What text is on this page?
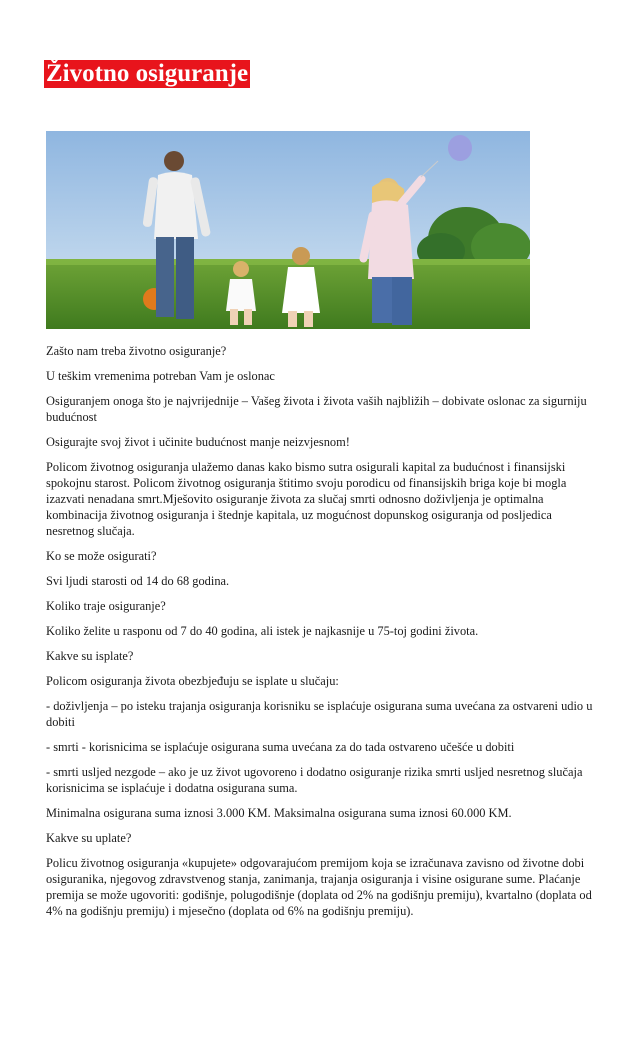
Životno osiguranje

Zašto nam treba životno osiguranje?

U teškim vremenima potreban Vam je oslonac

Osiguranjem onoga što je najvrijednije – Vašeg života i života vaših najbližih – dobivate oslonac za sigurniju budućnost

Osigurajte svoj život i učinite budućnost manje neizvjesnom!

Policom životnog osiguranja ulažemo danas kako bismo sutra osigurali kapital za budućnost i finansijski spokojnu starost. Policom životnog osiguranja štitimo svoju porodicu od finansijskih briga koje bi mogla izazvati nenadana smrt.Mješovito osiguranje života za slučaj smrti odnosno doživljenja je optimalna kombinacija životnog osiguranja i štednje kapitala, uz mogućnost dopunskog osiguranja od posljedica nesretnog slučaja.

Ko se može osigurati?

Svi ljudi starosti od 14 do 68 godina.

Koliko traje osiguranje?

Koliko želite u rasponu od 7 do 40 godina, ali istek je najkasnije u 75-toj godini života.

Kakve su isplate?

Policom osiguranja života obezbjeđuju se isplate u slučaju:

- doživljenja – po isteku trajanja osiguranja korisniku se isplaćuje osigurana suma uvećana za ostvareni udio u dobiti

- smrti - korisnicima se isplaćuje osigurana suma uvećana za do tada ostvareno učešće u dobiti

- smrti usljed nezgode – ako je uz život ugovoreno i dodatno osiguranje rizika smrti usljed nesretnog slučaja korisnicima se isplaćuje i dodatna osigurana suma.

Minimalna osigurana suma iznosi 3.000 KM. Maksimalna osigurana suma iznosi 60.000 KM.

Kakve su uplate?

Policu životnog osiguranja «kupujete» odgovarajućom premijom koja se izračunava zavisno od životne dobi osiguranika, njegovog zdravstvenog stanja, zanimanja, trajanja osiguranja i visine osigurane sume. Plaćanje premija se može ugovoriti: godišnje, polugodišnje (doplata od 2% na godišnju premiju), kvartalno (doplata od 4% na godišnju premiju) i mjesečno (doplata od 6% na godišnju premiju).
